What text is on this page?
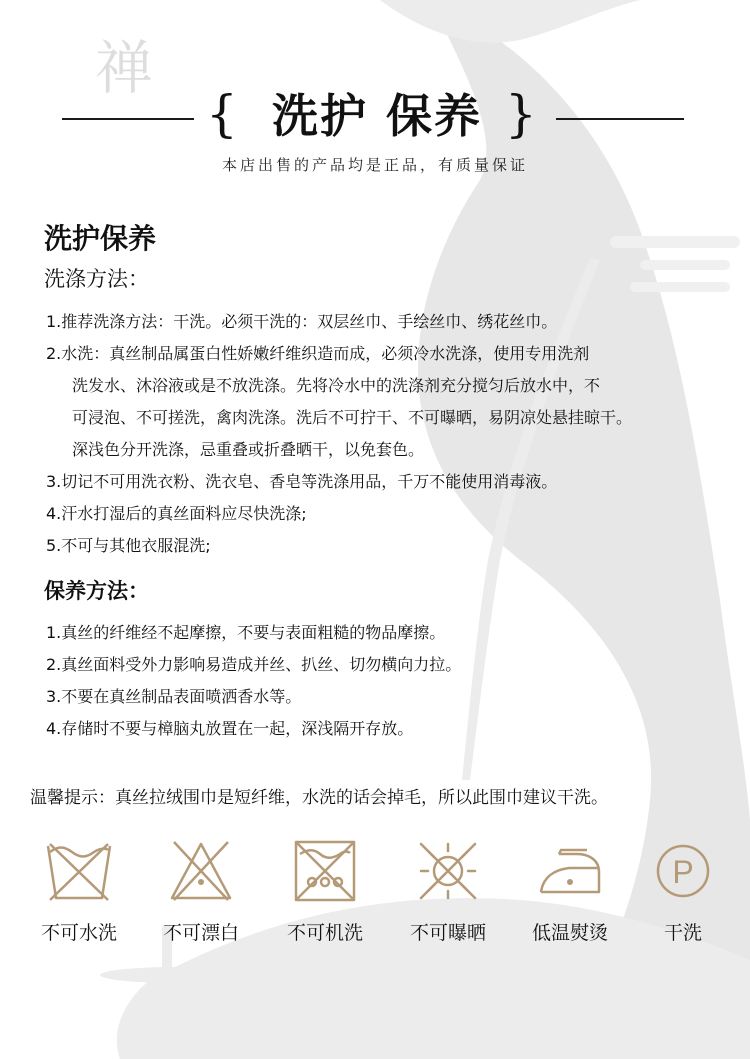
禅
{ 洗护 保养 }
本店出售的产品均是正品，有质量保证
洗护保养
洗涤方法：
1.推荐洗涤方法：干洗。必须干洗的：双层丝巾、手绘丝巾、绣花丝巾。
2.水洗：真丝制品属蛋白性娇嫩纤维织造而成，必须冷水洗涤，使用专用洗剂
洗发水、沐浴液或是不放洗涤。先将冷水中的洗涤剂充分搅匀后放水中，不
可浸泡、不可搓洗，禽肉洗涤。洗后不可拧干、不可曝晒，易阴凉处悬挂晾干。
深浅色分开洗涤，忌重叠或折叠晒干，以免套色。
3.切记不可用洗衣粉、洗衣皂、香皂等洗涤用品，千万不能使用消毒液。
4.汗水打湿后的真丝面料应尽快洗涤;
5.不可与其他衣服混洗;
保养方法：
1.真丝的纤维经不起摩擦，不要与表面粗糙的物品摩擦。
2.真丝面料受外力影响易造成并丝、扒丝、切勿横向力拉。
3.不要在真丝制品表面喷洒香水等。
4.存储时不要与樟脑丸放置在一起，深浅隔开存放。
温馨提示：真丝拉绒围巾是短纤维，水洗的话会掉毛，所以此围巾建议干洗。
不可水洗	不可漂白	不可机洗	不可曝晒	低温熨烫
P
干洗
